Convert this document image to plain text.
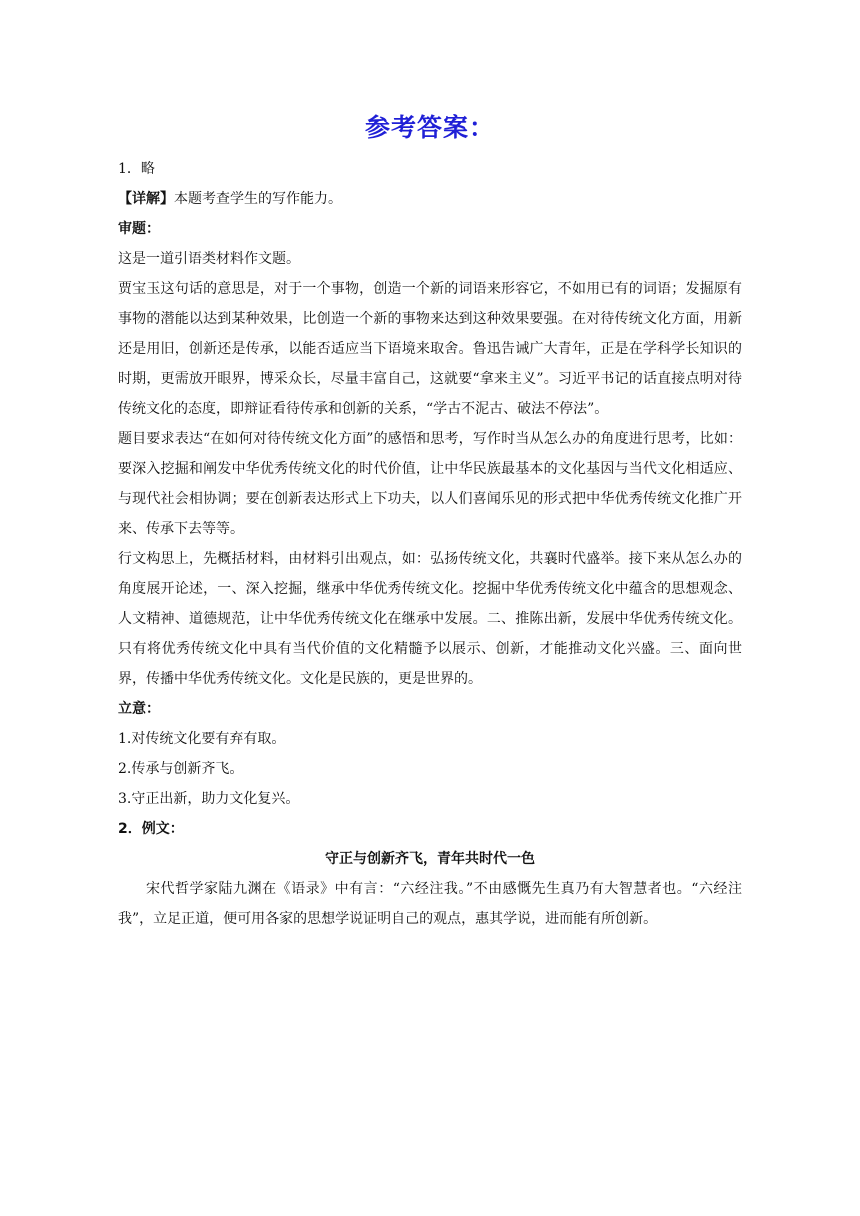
参考答案：

1．略

【详解】本题考查学生的写作能力。

审题：

这是一道引语类材料作文题。

贾宝玉这句话的意思是，对于一个事物，创造一个新的词语来形容它，不如用已有的词语；发掘原有事物的潜能以达到某种效果，比创造一个新的事物来达到这种效果要强。在对待传统文化方面，用新还是用旧，创新还是传承，以能否适应当下语境来取舍。鲁迅告诫广大青年，正是在学科学长知识的时期，更需放开眼界，博采众长，尽量丰富自己，这就要“拿来主义”。习近平书记的话直接点明对待传统文化的态度，即辩证看待传承和创新的关系，“学古不泥古、破法不停法”。

题目要求表达“在如何对待传统文化方面”的感悟和思考，写作时当从怎么办的角度进行思考，比如：要深入挖掘和阐发中华优秀传统文化的时代价值，让中华民族最基本的文化基因与当代文化相适应、与现代社会相协调；要在创新表达形式上下功夫，以人们喜闻乐见的形式把中华优秀传统文化推广开来、传承下去等等。

行文构思上，先概括材料，由材料引出观点，如：弘扬传统文化，共襄时代盛举。接下来从怎么办的角度展开论述，一、深入挖掘，继承中华优秀传统文化。挖掘中华优秀传统文化中蕴含的思想观念、人文精神、道德规范，让中华优秀传统文化在继承中发展。二、推陈出新，发展中华优秀传统文化。只有将优秀传统文化中具有当代价值的文化精髓予以展示、创新，才能推动文化兴盛。三、面向世界，传播中华优秀传统文化。文化是民族的，更是世界的。

立意：

1.对传统文化要有弃有取。

2.传承与创新齐飞。

3.守正出新，助力文化复兴。

2．例文：

守正与创新齐飞，青年共时代一色

宋代哲学家陆九渊在《语录》中有言：“六经注我。”不由感慨先生真乃有大智慧者也。“六经注我”，立足正道，便可用各家的思想学说证明自己的观点，惠其学说，进而能有所创新。
